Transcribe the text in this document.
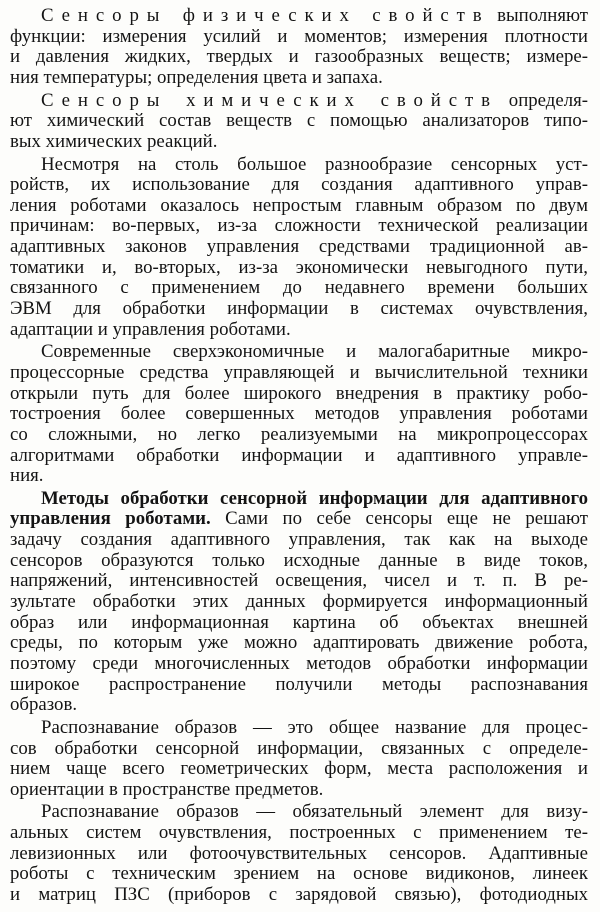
Сенсоры физических свойств выполняют
функции: измерения усилий и моментов; измерения плотности
и давления жидких, твердых и газообразных веществ; измере-
ния температуры; определения цвета и запаха.
Сенсоры химических свойств определя-
ют химический состав веществ с помощью анализаторов типо-
вых химических реакций.
Несмотря на столь большое разнообразие сенсорных уст-
ройств, их использование для создания адаптивного управ-
ления роботами оказалось непростым главным образом по двум
причинам: во-первых, из-за сложности технической реализации
адаптивных законов управления средствами традиционной ав-
томатики и, во-вторых, из-за экономически невыгодного пути,
связанного с применением до недавнего времени больших
ЭВМ для обработки информации в системах очувствления,
адаптации и управления роботами.
Современные сверхэкономичные и малогабаритные микро-
процессорные средства управляющей и вычислительной техники
открыли путь для более широкого внедрения в практику робо-
тостроения более совершенных методов управления роботами
со сложными, но легко реализуемыми на микропроцессорах
алгоритмами обработки информации и адаптивного управле-
ния.
Методы обработки сенсорной информации для адаптивного
управления роботами. Сами по себе сенсоры еще не решают
задачу создания адаптивного управления, так как на выходе
сенсоров образуются только исходные данные в виде токов,
напряжений, интенсивностей освещения, чисел и т. п. В ре-
зультате обработки этих данных формируется информационный
образ или информационная картина об объектах внешней
среды, по которым уже можно адаптировать движение робота,
поэтому среди многочисленных методов обработки информации
широкое распространение получили методы распознавания
образов.
Распознавание образов — это общее название для процес-
сов обработки сенсорной информации, связанных с определе-
нием чаще всего геометрических форм, места расположения и
ориентации в пространстве предметов.
Распознавание образов — обязательный элемент для визу-
альных систем очувствления, построенных с применением те-
левизионных или фотоочувствительных сенсоров. Адаптивные
роботы с техническим зрением на основе видиконов, линеек
и матриц ПЗС (приборов с зарядовой связью), фотодиодных
